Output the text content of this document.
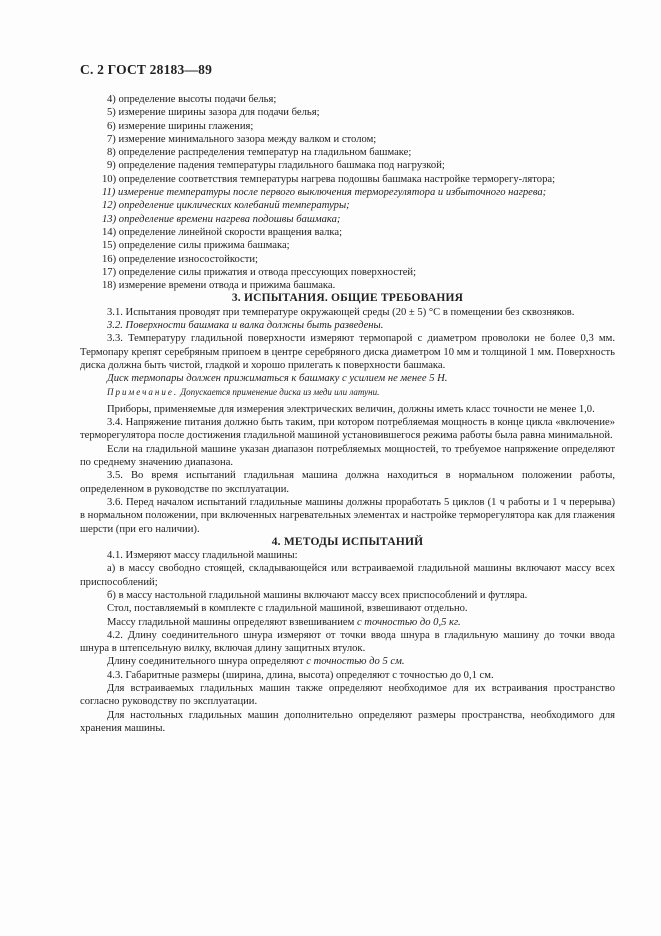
С. 2 ГОСТ 28183—89

4) определение высоты подачи белья;

5) измерение ширины зазора для подачи белья;

6) измерение ширины глажения;

7) измерение минимального зазора между валком и столом;

8) определение распределения температур на гладильном башмаке;

9) определение падения температуры гладильного башмака под нагрузкой;

10) определение соответствия температуры нагрева подошвы башмака настройке терморегу-лятора;

11) измерение температуры после первого выключения терморегулятора и избыточного нагрева;

12) определение циклических колебаний температуры;

13) определение времени нагрева подошвы башмака;

14) определение линейной скорости вращения валка;

15) определение силы прижима башмака;

16) определение износостойкости;

17) определение силы прижатия и отвода прессующих поверхностей;

18) измерение времени отвода и прижима башмака.

3. ИСПЫТАНИЯ. ОБЩИЕ ТРЕБОВАНИЯ

3.1. Испытания проводят при температуре окружающей среды (20 ± 5) °С в помещении без сквозняков.

3.2. Поверхности башмака и валка должны быть разведены.

3.3. Температуру гладильной поверхности измеряют термопарой с диаметром проволоки не более 0,3 мм. Термопару крепят серебряным припоем в центре серебряного диска диаметром 10 мм и толщиной 1 мм. Поверхность диска должна быть чистой, гладкой и хорошо прилегать к поверхности башмака.

Диск термопары должен прижиматься к башмаку с усилием не менее 5 Н.

Примечание. Допускается применение диска из меди или латуни.

Приборы, применяемые для измерения электрических величин, должны иметь класс точности не менее 1,0.

3.4. Напряжение питания должно быть таким, при котором потребляемая мощность в конце цикла «включение» терморегулятора после достижения гладильной машиной установившегося режима работы была равна минимальной.

Если на гладильной машине указан диапазон потребляемых мощностей, то требуемое напряжение определяют по среднему значению диапазона.

3.5. Во время испытаний гладильная машина должна находиться в нормальном положении работы, определенном в руководстве по эксплуатации.

3.6. Перед началом испытаний гладильные машины должны проработать 5 циклов (1 ч работы и 1 ч перерыва) в нормальном положении, при включенных нагревательных элементах и настройке терморегулятора как для глажения шерсти (при его наличии).

4. МЕТОДЫ ИСПЫТАНИЙ

4.1. Измеряют массу гладильной машины:

а) в массу свободно стоящей, складывающейся или встраиваемой гладильной машины включают массу всех приспособлений;

б) в массу настольной гладильной машины включают массу всех приспособлений и футляра.

Стол, поставляемый в комплекте с гладильной машиной, взвешивают отдельно.

Массу гладильной машины определяют взвешиванием с точностью до 0,5 кг.

4.2. Длину соединительного шнура измеряют от точки ввода шнура в гладильную машину до точки ввода шнура в штепсельную вилку, включая длину защитных втулок.

Длину соединительного шнура определяют с точностью до 5 см.

4.3. Габаритные размеры (ширина, длина, высота) определяют с точностью до 0,1 см.

Для встраиваемых гладильных машин также определяют необходимое для их встраивания пространство согласно руководству по эксплуатации.

Для настольных гладильных машин дополнительно определяют размеры пространства, необходимого для хранения машины.
